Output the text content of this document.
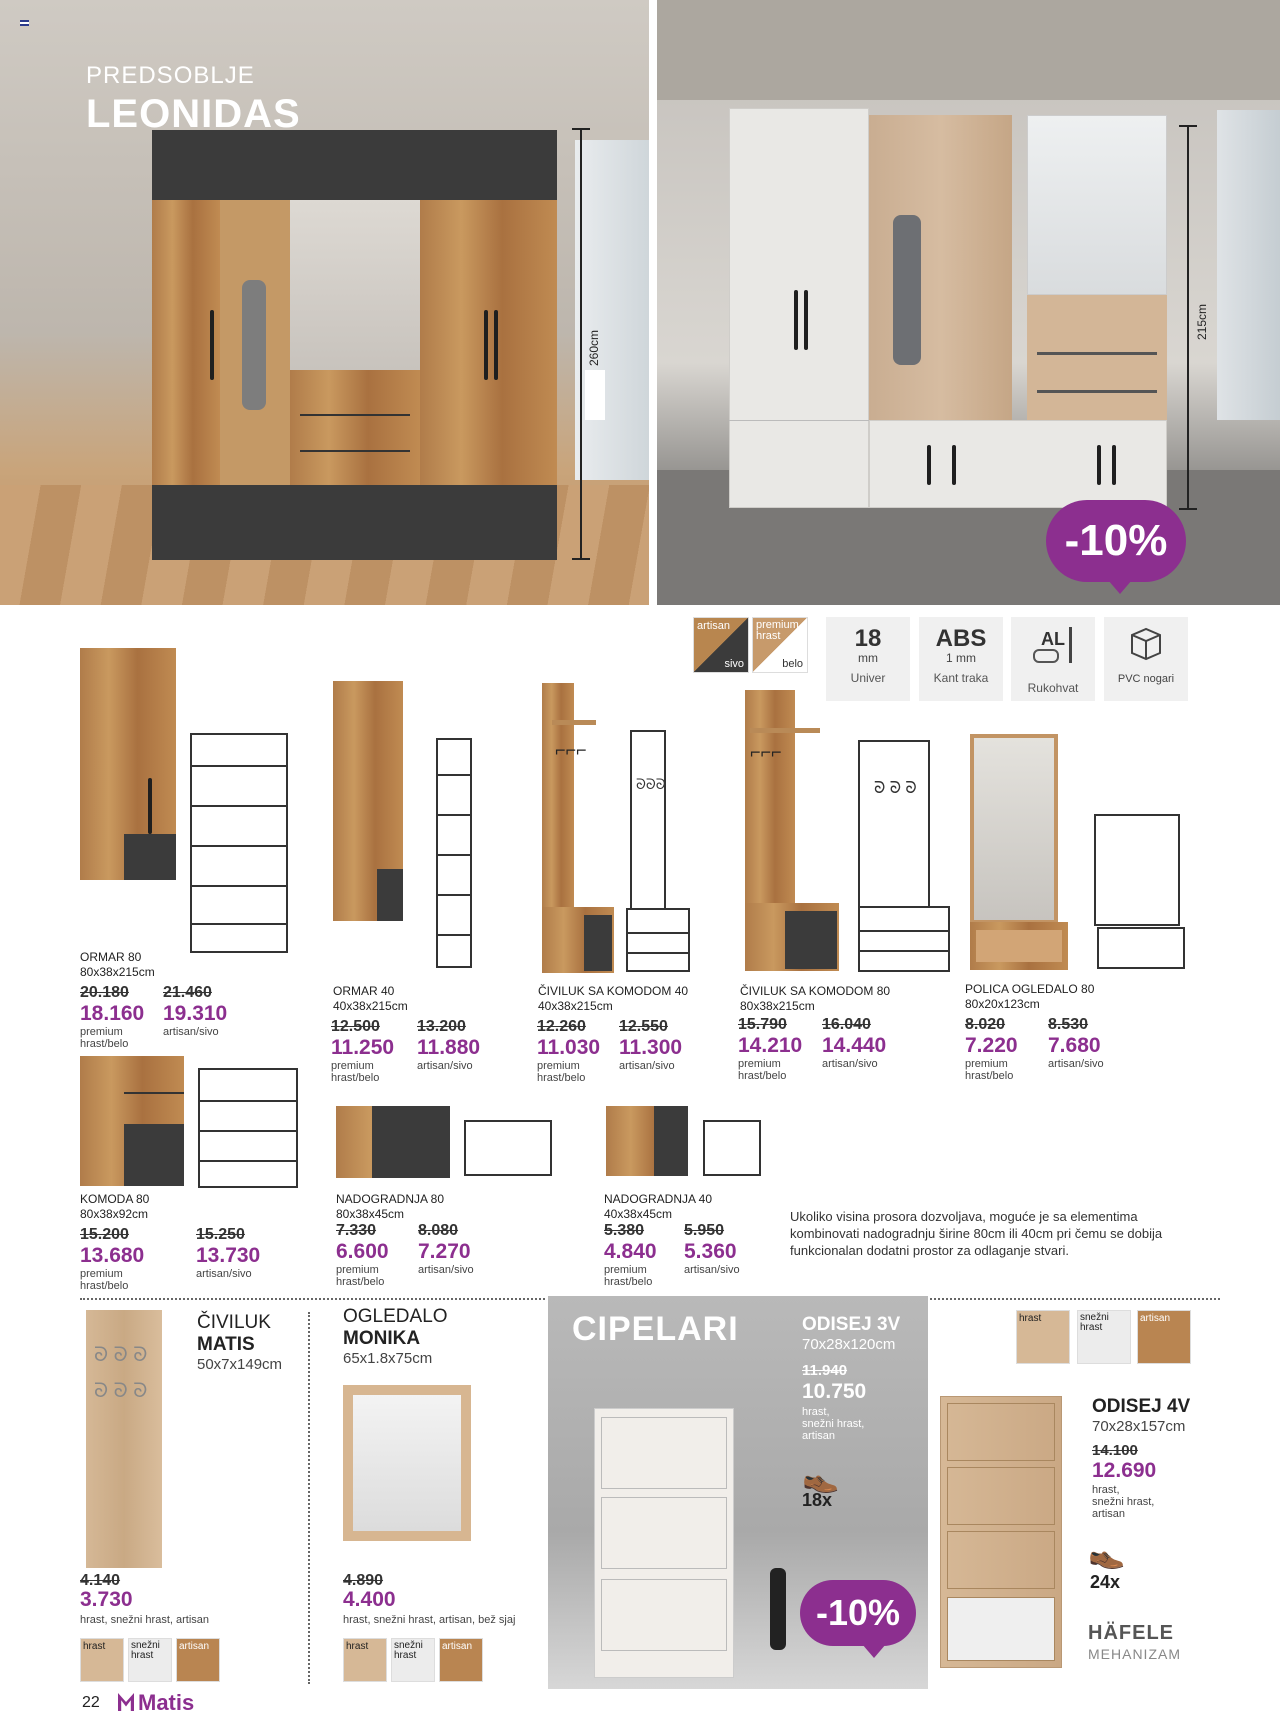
260cm
PREDSOBLJE
LEONIDAS
215cm
-10%
artisan
sivo
premium hrast
belo
18
mm
Univer
ABS
1 mm
Kant traka
AL
Rukohvat
PVC nogari
ORMAR 80
80x38x215cm
20.180
18.160
premium
hrast/belo
21.460
19.310
artisan/sivo
ORMAR 40
40x38x215cm
12.500
11.250
premium
hrast/belo
13.200
11.880
artisan/sivo
⌐⌐⌐
ᘐᘐᘐ
ČIVILUK SA KOMODOM 40
40x38x215cm
12.260
11.030
premium
hrast/belo
12.550
11.300
artisan/sivo
⌐⌐⌐
ᘐ ᘐ ᘐ
ČIVILUK SA KOMODOM 80
80x38x215cm
15.790
14.210
premium
hrast/belo
16.040
14.440
artisan/sivo
POLICA OGLEDALO 80
80x20x123cm
8.020
7.220
premium
hrast/belo
8.530
7.680
artisan/sivo
KOMODA 80
80x38x92cm
15.200
13.680
premium
hrast/belo
15.250
13.730
artisan/sivo
NADOGRADNJA 80
80x38x45cm
7.330
6.600
premium
hrast/belo
8.080
7.270
artisan/sivo
NADOGRADNJA 40
40x38x45cm
5.380
4.840
premium
hrast/belo
5.950
5.360
artisan/sivo
Ukoliko visina prosora dozvoljava, moguće je sa elementima
kombinovati nadogradnju širine 80cm ili 40cm pri čemu se dobija
funkcionalan dodatni prostor za odlaganje stvari.
ᘐ ᘐ ᘐ
ᘐ ᘐ ᘐ
ČIVILUK
MATIS
50x7x149cm
4.140
3.730
hrast, snežni hrast, artisan
hrast	snežni hrast
artisan
OGLEDALO
MONIKA
65x1.8x75cm
4.890
4.400
hrast, snežni hrast, artisan, bež sjaj
hrast	snežni hrast
artisan
CIPELARI	ODISEJ 3V
70x28x120cm
11.940
10.750
hrast,
snežni hrast,
artisan
👞
18x
-10%
hrast	snežni hrast
artisan
ODISEJ 4V
70x28x157cm
14.100
12.690
hrast,
snežni hrast,
artisan
👞
24x
HÄFELE
MEHANIZAM
22 Matis
